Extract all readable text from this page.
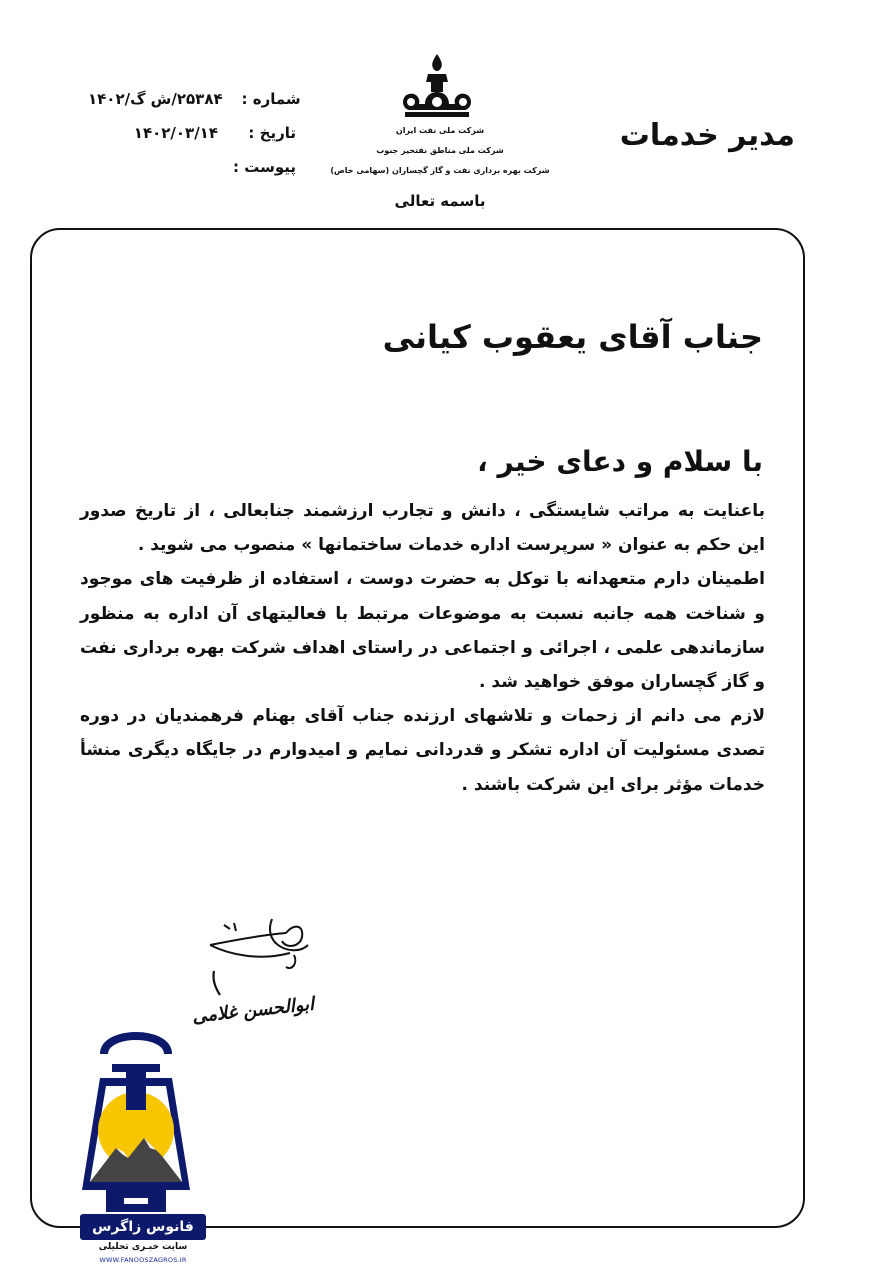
شماره :۲۵۳۸۴/ش گ/۱۴۰۲
تاریخ :۱۴۰۲/۰۳/۱۴
پیوست :
شرکت ملی نفت ایران
شرکت ملی مناطق نفتخیز جنوب
شرکت بهره برداری نفت و گاز گچساران (سهامی خاص)
باسمه تعالی
مدیر خدمات
جناب آقای یعقوب کیانی
با سلام و دعای خیر ،

باعنایت به مراتب شایستگی ، دانش و تجارب ارزشمند جنابعالی ، از تاریخ صدور این حکم به عنوان « سرپرست اداره خدمات ساختمانها » منصوب می شوید .

اطمینان دارم متعهدانه با توکل به حضرت دوست ، استفاده از ظرفیت های موجود و شناخت همه جانبه نسبت به موضوعات مرتبط با فعالیتهای آن اداره به منظور سازماندهی علمی ، اجرائی و اجتماعی در راستای اهداف شرکت بهره برداری نفت و گاز گچساران موفق خواهید شد .

لازم می دانم از زحمات و تلاشهای ارزنده جناب آقای بهنام فرهمندیان در دوره تصدی مسئولیت آن اداره تشکر و قدردانی نمایم و امیدوارم در جایگاه دیگری منشأ خدمات مؤثر برای این شرکت باشند .

ابوالحسن غلامی
فانوس زاگرس
سایت خبـری تحلیلی
WWW.FANOOSZAGROS.IR
